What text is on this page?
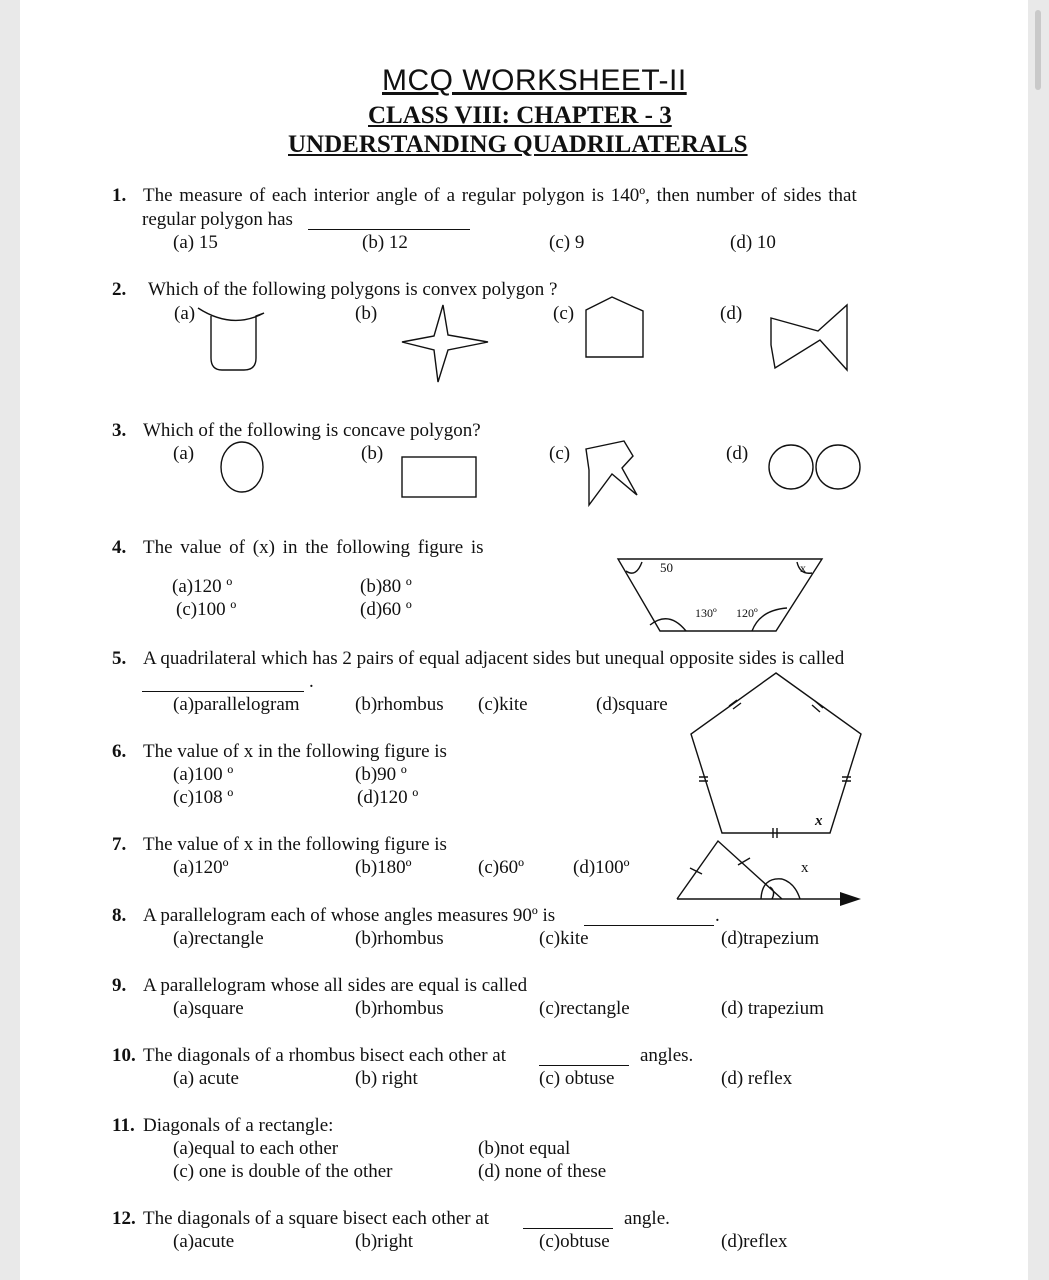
MCQ WORKSHEET-II
CLASS VIII: CHAPTER - 3
UNDERSTANDING QUADRILATERALS
1. The measure of each interior angle of a regular polygon is 140º, then number of sides that
regular polygon has
(a) 15	(b) 12	(c) 9	(d) 10
2. Which of the following polygons is convex polygon ?
(a)	(b)	(c)	(d)
3. Which of the following is concave polygon?
(a)	(b)	(c)	(d)
4. The value of (x) in the following figure is
(a)120 º	(b)80 º
(c)100 º	(d)60 º
50	x
130º 120º
5. A quadrilateral which has 2 pairs of equal adjacent sides but unequal opposite sides is called
.
(a)parallelogram	(b)rhombus (c)kite	(d)square
6. The value of x in the following figure is
(a)100 º	(b)90 º
(c)108 º	(d)120 º
x
7. The value of x in the following figure is
(a)120º	(b)180º	(c)60º	(d)100º	x
8. A parallelogram each of whose angles measures 90º is	.
(a)rectangle	(b)rhombus	(c)kite	(d)trapezium
9. A parallelogram whose all sides are equal is called
(a)square	(b)rhombus	(c)rectangle	(d) trapezium
10. The diagonals of a rhombus bisect each other at	angles.
(a) acute	(b) right	(c) obtuse	(d) reflex
11. Diagonals of a rectangle:
(a)equal to each other	(b)not equal
(c) one is double of the other	(d) none of these
12. The diagonals of a square bisect each other at	angle.
(a)acute	(b)right	(c)obtuse	(d)reflex
